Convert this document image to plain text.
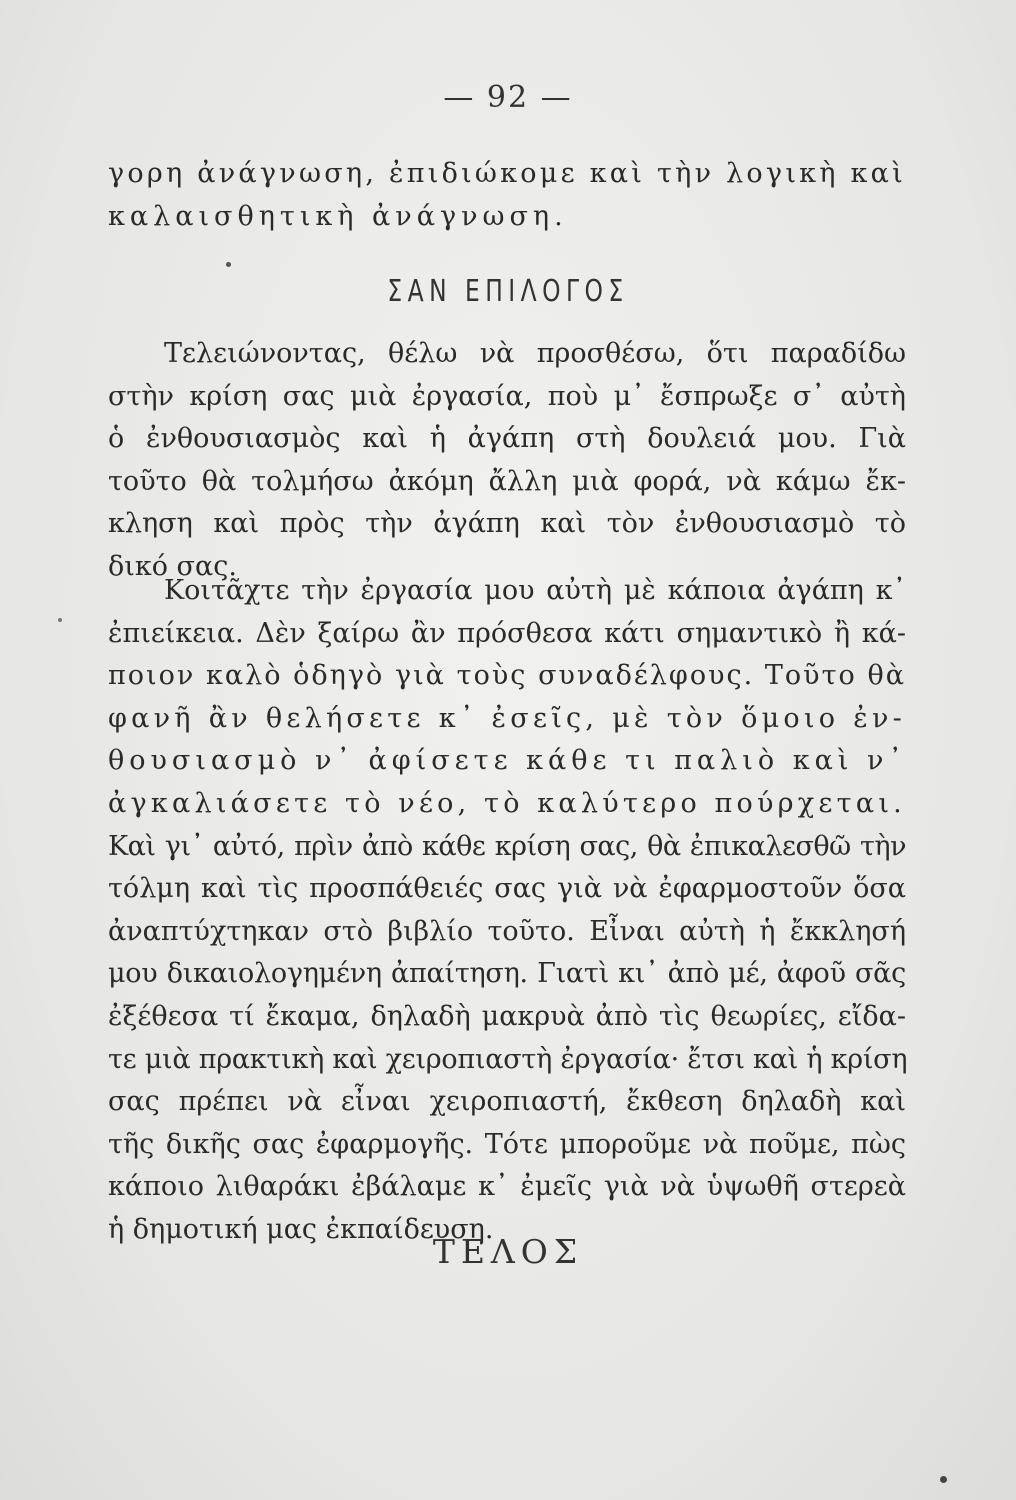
— 92 —
γορη ἀνάγνωση, ἐπιδιώκομε καὶ τὴν λογικὴ καὶ
καλαισθητικὴ ἀνάγνωση.
ΣΑΝ ΕΠΙΛΟΓΟΣ
Τελειώνοντας, θέλω νὰ προσθέσω, ὅτι παραδίδω
στὴν κρίση σας μιὰ ἐργασία, ποὺ μ᾽ ἔσπρωξε σ᾽ αὐτὴ
ὁ ἐνθουσιασμὸς καὶ ἡ ἀγάπη στὴ δουλειά μου. Γιὰ
τοῦτο θὰ τολμήσω ἀκόμη ἄλλη μιὰ φορά, νὰ κάμω ἔκ-
κληση καὶ πρὸς τὴν ἀγάπη καὶ τὸν ἐνθουσιασμὸ τὸ
δικό σας.
Κοιτᾶχτε τὴν ἐργασία μου αὐτὴ μὲ κάποια ἀγάπη κ᾽
ἐπιείκεια. Δὲν ξαίρω ἂν πρόσθεσα κάτι σημαντικὸ ἢ κά-
ποιον καλὸ ὁδηγὸ γιὰ τοὺς συναδέλφους. Τοῦτο θὰ
φανῆ ἂν θελήσετε κ᾽ ἐσεῖς, μὲ τὸν ὅμοιο ἐν-
θουσιασμὸ ν᾽ ἀφίσετε κάθε τι παλιὸ καὶ ν᾽
ἀγκαλιάσετε τὸ νέο, τὸ καλύτερο πούρχεται.
Καὶ γι᾽ αὐτό, πρὶν ἀπὸ κάθε κρίση σας, θὰ ἐπικαλεσθῶ τὴν
τόλμη καὶ τὶς προσπάθειές σας γιὰ νὰ ἐφαρμοστοῦν ὅσα
ἀναπτύχτηκαν στὸ βιβλίο τοῦτο. Εἶναι αὐτὴ ἡ ἔκκλησή
μου δικαιολογημένη ἀπαίτηση. Γιατὶ κι᾽ ἀπὸ μέ, ἀφοῦ σᾶς
ἐξέθεσα τί ἔκαμα, δηλαδὴ μακρυὰ ἀπὸ τὶς θεωρίες, εἴδα-
τε μιὰ πρακτικὴ καὶ χειροπιαστὴ ἐργασία· ἔτσι καὶ ἡ κρίση
σας πρέπει νὰ εἶναι χειροπιαστή, ἔκθεση δηλαδὴ καὶ
τῆς δικῆς σας ἐφαρμογῆς. Τότε μποροῦμε νὰ ποῦμε, πὼς
κάποιο λιθαράκι ἐβάλαμε κ᾽ ἐμεῖς γιὰ νὰ ὑψωθῆ στερεὰ
ἡ δημοτική μας ἐκπαίδευση.
ΤΕΛΟΣ
